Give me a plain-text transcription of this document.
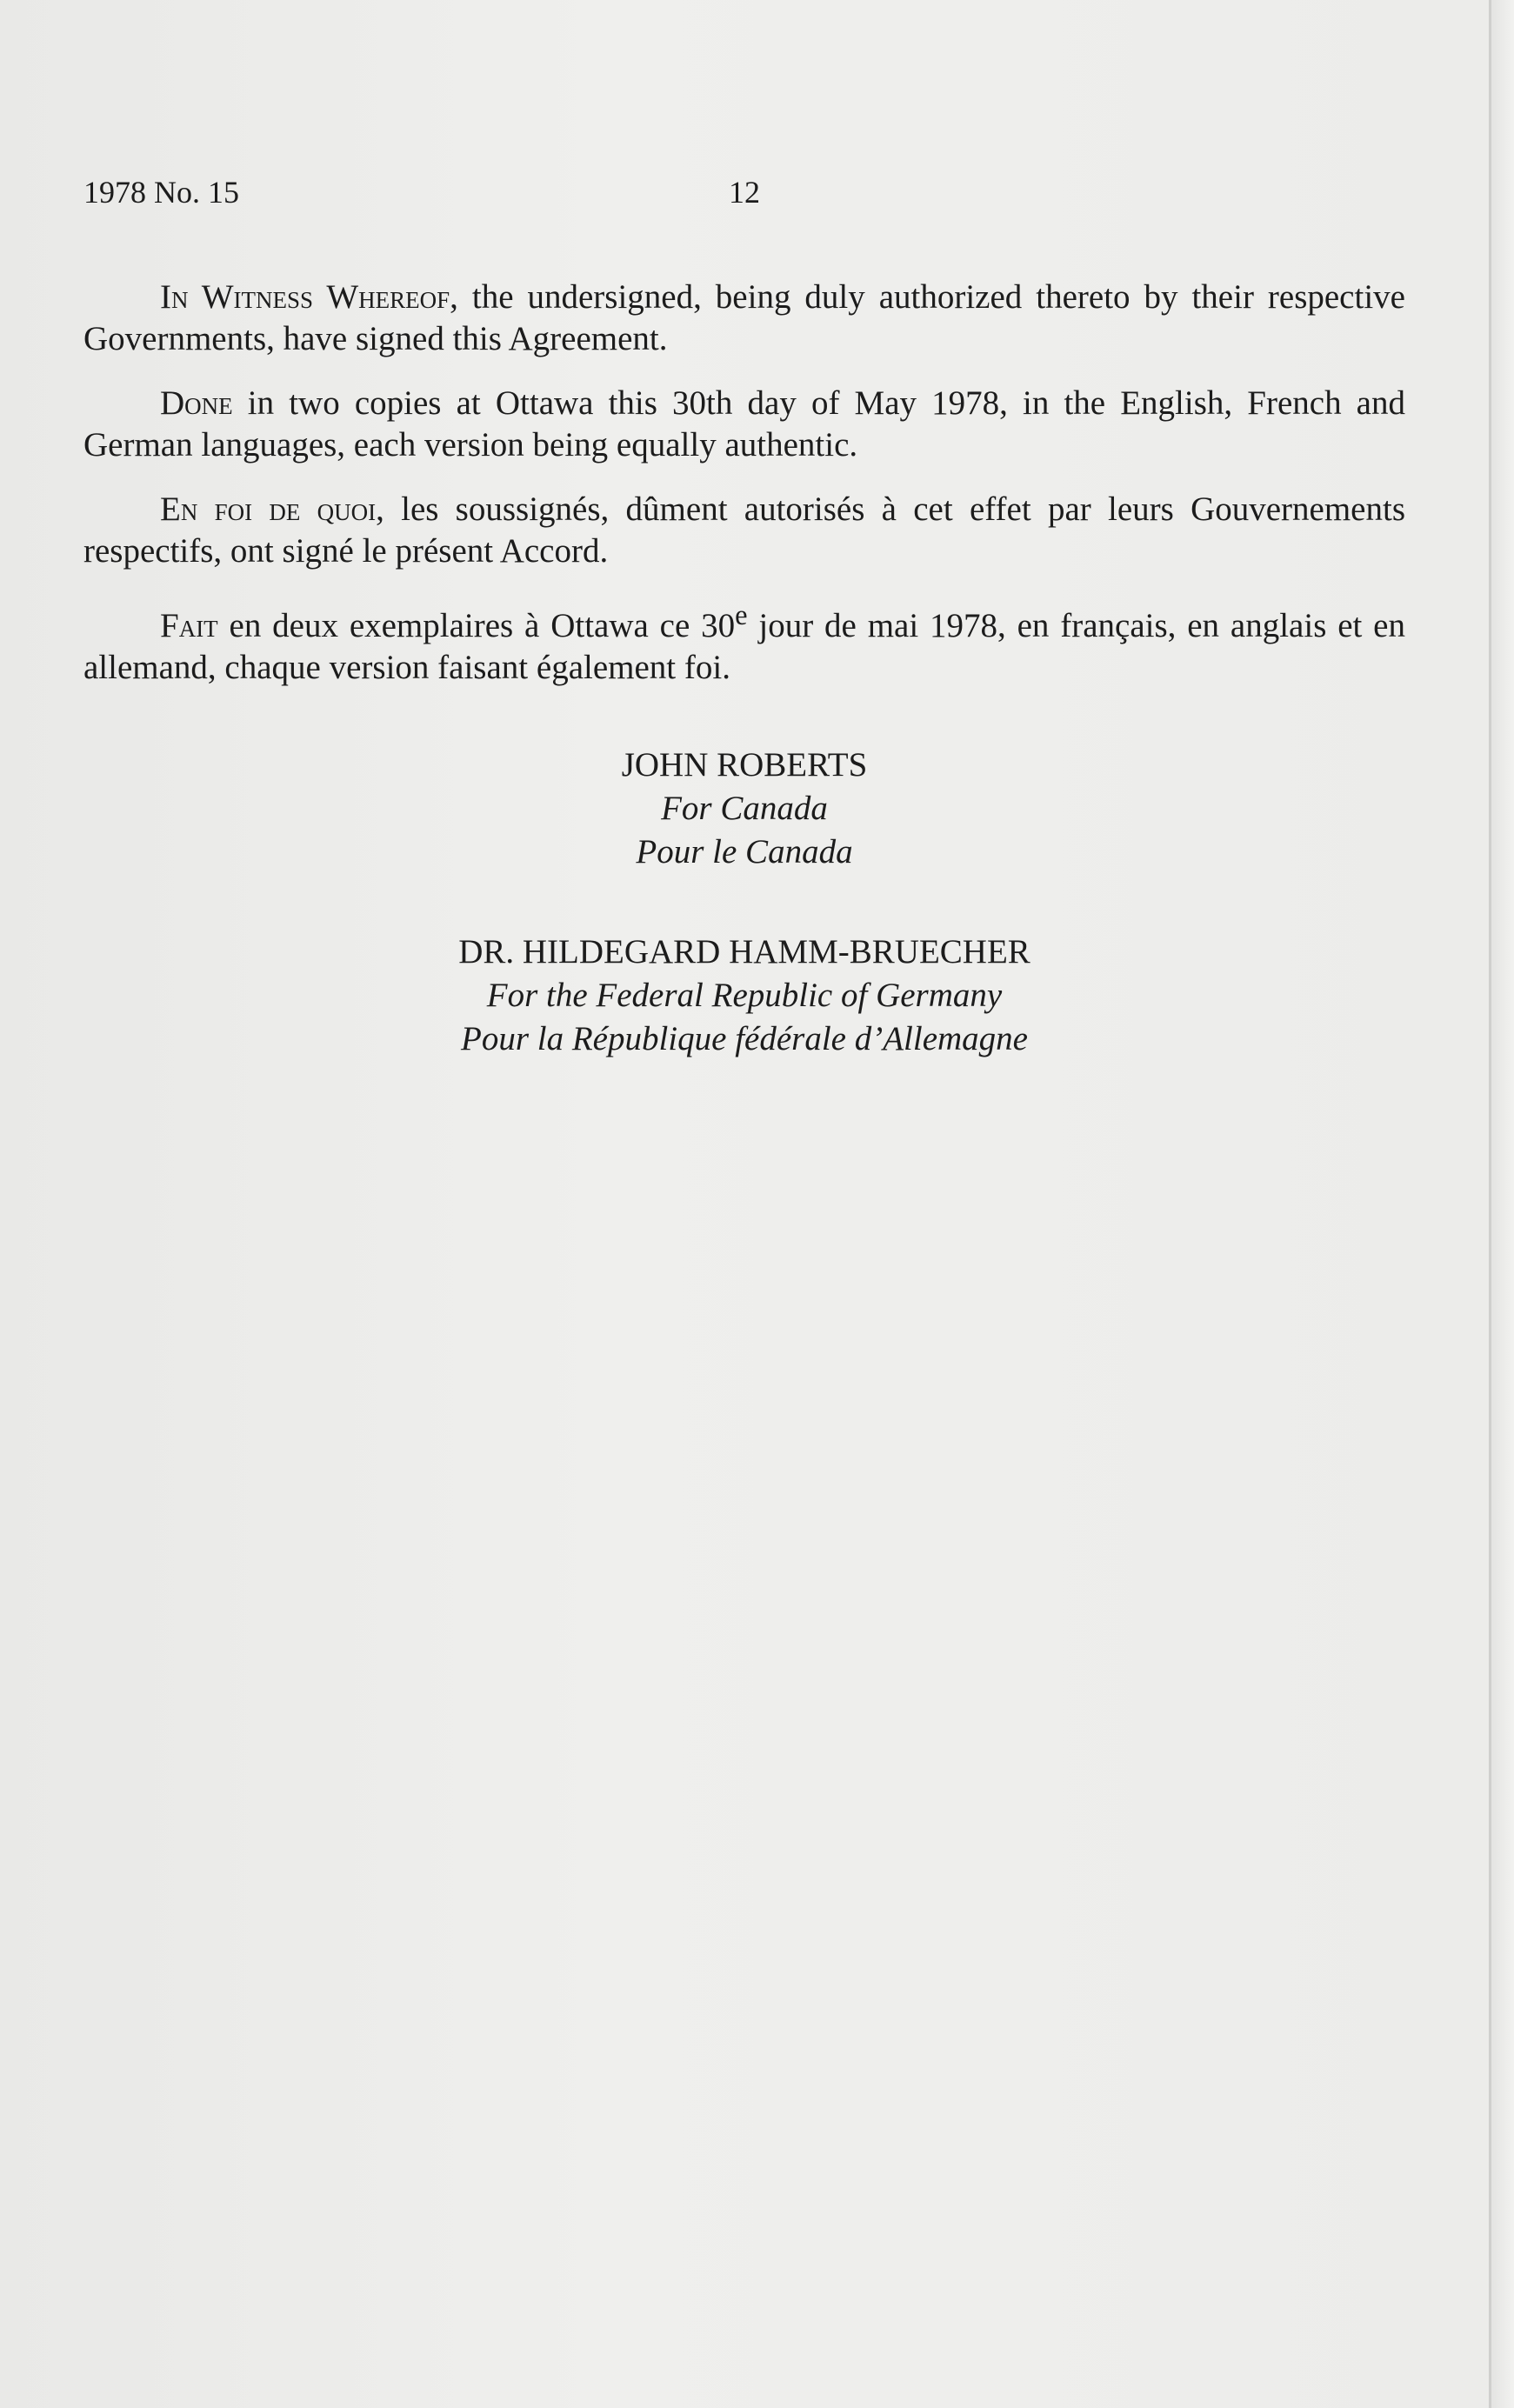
1978 No. 15	12

In Witness Whereof, the undersigned, being duly authorized thereto by their respective Governments, have signed this Agreement.

Done in two copies at Ottawa this 30th day of May 1978, in the English, French and German languages, each version being equally authentic.

En foi de quoi, les soussignés, dûment autorisés à cet effet par leurs Gouvernements respectifs, ont signé le présent Accord.

Fait en deux exemplaires à Ottawa ce 30e jour de mai 1978, en français, en anglais et en allemand, chaque version faisant également foi.

JOHN ROBERTS
For Canada
Pour le Canada
DR. HILDEGARD HAMM-BRUECHER
For the Federal Republic of Germany
Pour la République fédérale d’Allemagne
